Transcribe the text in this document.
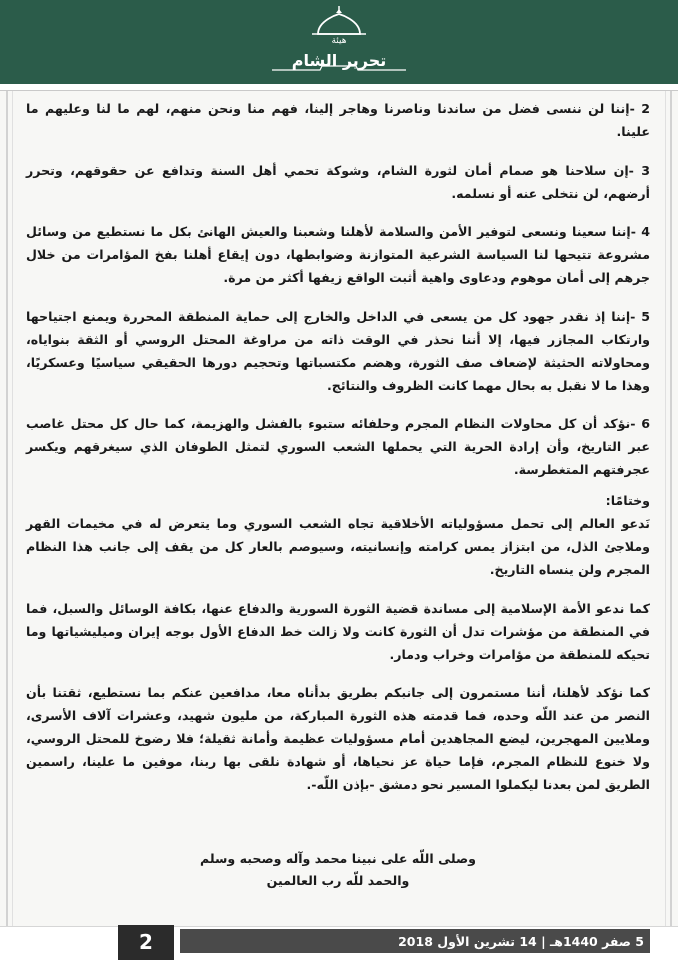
هيئة
تحرير الشام

2 -إننا لن ننسى فضل من ساندنا وناصرنا وهاجر إلينا، فهم منا ونحن منهم، لهم ما لنا وعليهم ما علينا.

3 -إن سلاحنا هو صمام أمان لثورة الشام، وشوكة تحمي أهل السنة وتدافع عن حقوقهم، وتحرر أرضهم، لن نتخلى عنه أو نسلمه.

4 -إننا سعينا ونسعى لتوفير الأمن والسلامة لأهلنا وشعبنا والعيش الهانئ بكل ما نستطيع من وسائل مشروعة تتيحها لنا السياسة الشرعية المتوازنة وضوابطها، دون إيقاع أهلنا بفخ المؤامرات من خلال جرهم إلى أمان موهوم ودعاوى واهية أثبت الواقع زيفها أكثر من مرة.

5 -إننا إذ نقدر جهود كل من يسعى في الداخل والخارج إلى حماية المنطقة المحررة ويمنع اجتياحها وارتكاب المجازر فيها، إلا أننا نحذر في الوقت ذاته من مراوغة المحتل الروسي أو الثقة بنواياه، ومحاولاته الحثيثة لإضعاف صف الثورة، وهضم مكتسباتها وتحجيم دورها الحقيقي سياسيًا وعسكريًا، وهذا ما لا نقبل به بحال مهما كانت الظروف والنتائج.

6 -نؤكد أن كل محاولات النظام المجرم وحلفائه ستبوء بالفشل والهزيمة، كما حال كل محتل غاصب عبر التاريخ، وأن إرادة الحرية التي يحملها الشعب السوري لتمثل الطوفان الذي سيغرقهم ويكسر عجرفتهم المتغطرسة.

وختامًا:
نَدعو العالم إلى تحمل مسؤولياته الأخلاقية تجاه الشعب السوري وما يتعرض له في مخيمات القهر وملاجئ الذل، من ابتزاز يمس كرامته وإنسانيته، وسيوصم بالعار كل من يقف إلى جانب هذا النظام المجرم ولن ينساه التاريخ.

كما ندعو الأمة الإسلامية إلى مساندة قضية الثورة السورية والدفاع عنها، بكافة الوسائل والسبل، فما في المنطقة من مؤشرات تدل أن الثورة كانت ولا زالت خط الدفاع الأول بوجه إيران وميليشياتها وما تحيكه للمنطقة من مؤامرات وخراب ودمار.

كما نؤكد لأهلنا، أننا مستمرون إلى جانبكم بطريق بدأناه معا، مدافعين عنكم بما نستطيع، ثقتنا بأن النصر من عند اللّه وحده، فما قدمته هذه الثورة المباركة، من مليون شهيد، وعشرات آلاف الأسرى، وملايين المهجرين، ليضع المجاهدين أمام مسؤوليات عظيمة وأمانة ثقيلة؛ فلا رضوخ للمحتل الروسي، ولا خنوع للنظام المجرم، فإما حياة عز نحياها، أو شهادة نلقى بها ربنا، موفين ما علينا، راسمين الطريق لمن بعدنا ليكملوا المسير نحو دمشق -بإذن اللّه-.

وصلى اللّه على نبينا محمد وآله وصحبه وسلم
والحمد للّه رب العالمين
5 صفر 1440هـ | 14 تشرين الأول 2018
2
